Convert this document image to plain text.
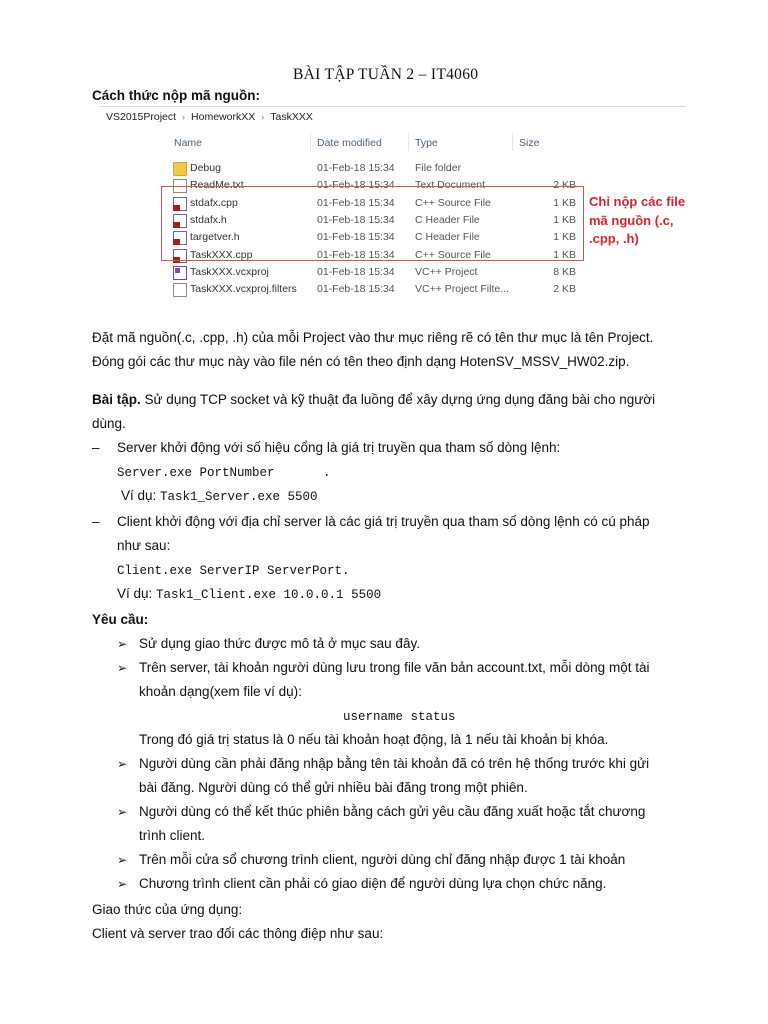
BÀI TẬP TUẦN 2 – IT4060
Cách thức nộp mã nguồn:
VS2015Project › HomeworkXX › TaskXXX
Name	Date modified	Type	Size
Debug	01-Feb-18 15:34 File folder
ReadMe.txt	01-Feb-18 15:34 Text Document	2 KB
stdafx.cpp	01-Feb-18 15:34 C++ Source File	1 KB
stdafx.h	01-Feb-18 15:34 C Header File	1 KB
targetver.h	01-Feb-18 15:34 C Header File	1 KB
TaskXXX.cpp	01-Feb-18 15:34 C++ Source File	1 KB
TaskXXX.vcxproj	01-Feb-18 15:34 VC++ Project	8 KB
TaskXXX.vcxproj.filters 01-Feb-18 15:34 VC++ Project Filte...	2 KB
Chỉ nộp các file
mã nguồn (.c,
.cpp, .h)
Đặt mã nguồn(.c, .cpp, .h) của mỗi Project vào thư mục riêng rẽ có tên thư mục là tên Project.
Đóng gói các thư mục này vào file nén có tên theo định dạng HotenSV_MSSV_HW02.zip.
Bài tập. Sử dụng TCP socket và kỹ thuật đa luồng để xây dựng ứng dụng đăng bài cho người
dùng.
– Server khởi động với số hiệu cổng là giá trị truyền qua tham số dòng lệnh:
Server.exe PortNumber	.
Ví dụ: Task1_Server.exe 5500
– Client khởi động với địa chỉ server là các giá trị truyền qua tham số dòng lệnh có cú pháp
như sau:
Client.exe ServerIP ServerPort.
Ví dụ: Task1_Client.exe 10.0.0.1 5500
Yêu cầu:
➢ Sử dụng giao thức được mô tả ở mục sau đây.
➢ Trên server, tài khoản người dùng lưu trong file văn bản account.txt, mỗi dòng một tài
khoản dạng(xem file ví dụ):
username status
Trong đó giá trị status là 0 nếu tài khoản hoạt động, là 1 nếu tài khoản bị khóa.
➢ Người dùng cần phải đăng nhập bằng tên tài khoản đã có trên hệ thống trước khi gửi
bài đăng. Người dùng có thể gửi nhiều bài đăng trong một phiên.
➢ Người dùng có thể kết thúc phiên bằng cách gửi yêu cầu đăng xuất hoặc tắt chương
trình client.
➢ Trên mỗi cửa sổ chương trình client, người dùng chỉ đăng nhập được 1 tài khoản
➢ Chương trình client cần phải có giao diện để người dùng lựa chọn chức năng.
Giao thức của ứng dụng:
Client và server trao đổi các thông điệp như sau:
